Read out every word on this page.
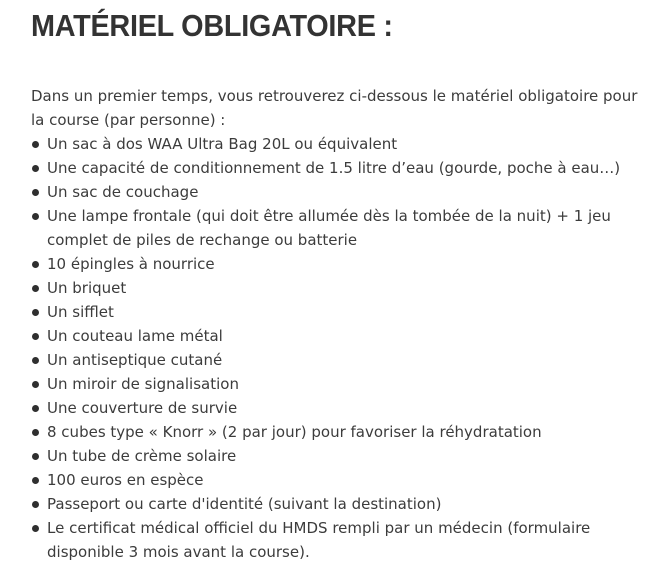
MATÉRIEL OBLIGATOIRE :

Dans un premier temps, vous retrouverez ci-dessous le matériel obligatoire pour la course (par personne) :

Un sac à dos WAA Ultra Bag 20L ou équivalent
Une capacité de conditionnement de 1.5 litre d’eau (gourde, poche à eau…)
Un sac de couchage
Une lampe frontale (qui doit être allumée dès la tombée de la nuit) + 1 jeu complet de piles de rechange ou batterie
10 épingles à nourrice
Un briquet
Un sifflet
Un couteau lame métal
Un antiseptique cutané
Un miroir de signalisation
Une couverture de survie
8 cubes type « Knorr » (2 par jour) pour favoriser la réhydratation
Un tube de crème solaire
100 euros en espèce
Passeport ou carte d'identité (suivant la destination)
Le certificat médical officiel du HMDS rempli par un médecin (formulaire disponible 3 mois avant la course).
